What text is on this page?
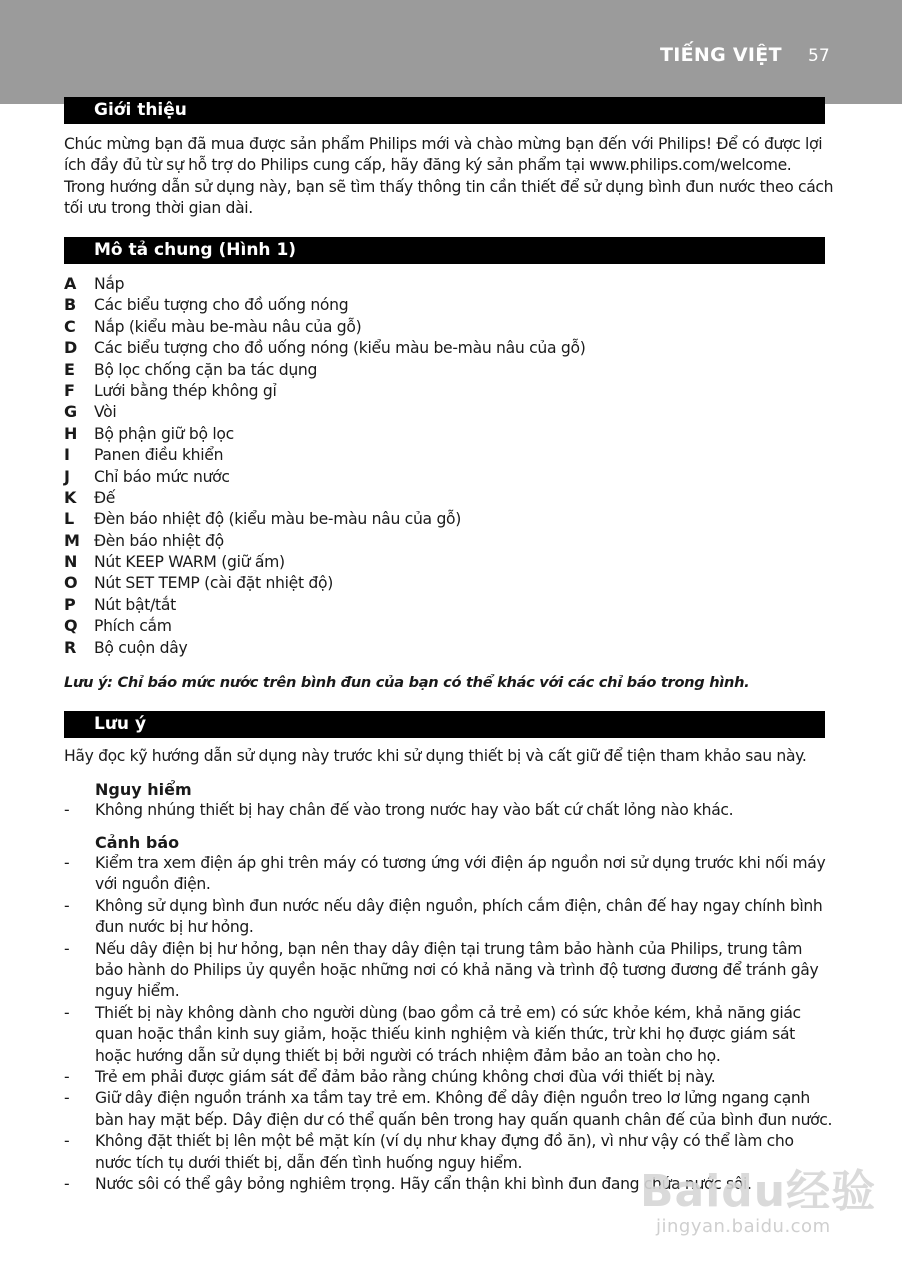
TIẾNG VIỆT 57
Giới thiệu

Chúc mừng bạn đã mua được sản phẩm Philips mới và chào mừng bạn đến với Philips! Để có được lợi ích đầy đủ từ sự hỗ trợ do Philips cung cấp, hãy đăng ký sản phẩm tại www.philips.com/welcome. Trong hướng dẫn sử dụng này, bạn sẽ tìm thấy thông tin cần thiết để sử dụng bình đun nước theo cách tối ưu trong thời gian dài.

Mô tả chung (Hình 1)
A Nắp
B Các biểu tượng cho đồ uống nóng
C Nắp (kiểu màu be-màu nâu của gỗ)
D Các biểu tượng cho đồ uống nóng (kiểu màu be-màu nâu của gỗ)
E Bộ lọc chống cặn ba tác dụng
F Lưới bằng thép không gỉ
G Vòi
H Bộ phận giữ bộ lọc
I Panen điều khiển
J Chỉ báo mức nước
K Đế
L Đèn báo nhiệt độ (kiểu màu be-màu nâu của gỗ)
M Đèn báo nhiệt độ
N Nút KEEP WARM (giữ ấm)
O Nút SET TEMP (cài đặt nhiệt độ)
P Nút bật/tắt
Q Phích cắm
R Bộ cuộn dây

Lưu ý: Chỉ báo mức nước trên bình đun của bạn có thể khác với các chỉ báo trong hình.

Lưu ý

Hãy đọc kỹ hướng dẫn sử dụng này trước khi sử dụng thiết bị và cất giữ để tiện tham khảo sau này.

Nguy hiểm

- Không nhúng thiết bị hay chân đế vào trong nước hay vào bất cứ chất lỏng nào khác.

Cảnh báo

- Kiểm tra xem điện áp ghi trên máy có tương ứng với điện áp nguồn nơi sử dụng trước khi nối máy với nguồn điện.
- Không sử dụng bình đun nước nếu dây điện nguồn, phích cắm điện, chân đế hay ngay chính bình đun nước bị hư hỏng.
- Nếu dây điện bị hư hỏng, bạn nên thay dây điện tại trung tâm bảo hành của Philips, trung tâm bảo hành do Philips ủy quyền hoặc những nơi có khả năng và trình độ tương đương để tránh gây nguy hiểm.
- Thiết bị này không dành cho người dùng (bao gồm cả trẻ em) có sức khỏe kém, khả năng giác quan hoặc thần kinh suy giảm, hoặc thiếu kinh nghiệm và kiến thức, trừ khi họ được giám sát hoặc hướng dẫn sử dụng thiết bị bởi người có trách nhiệm đảm bảo an toàn cho họ.
- Trẻ em phải được giám sát để đảm bảo rằng chúng không chơi đùa với thiết bị này.
- Giữ dây điện nguồn tránh xa tầm tay trẻ em. Không để dây điện nguồn treo lơ lửng ngang cạnh bàn hay mặt bếp. Dây điện dư có thể quấn bên trong hay quấn quanh chân đế của bình đun nước.
- Không đặt thiết bị lên một bề mặt kín (ví dụ như khay đựng đồ ăn), vì như vậy có thể làm cho nước tích tụ dưới thiết bị, dẫn đến tình huống nguy hiểm.
- Nước sôi có thể gây bỏng nghiêm trọng. Hãy cẩn thận khi bình đun đang chứa nước sôi.
Baidu经验
jingyan.baidu.com
